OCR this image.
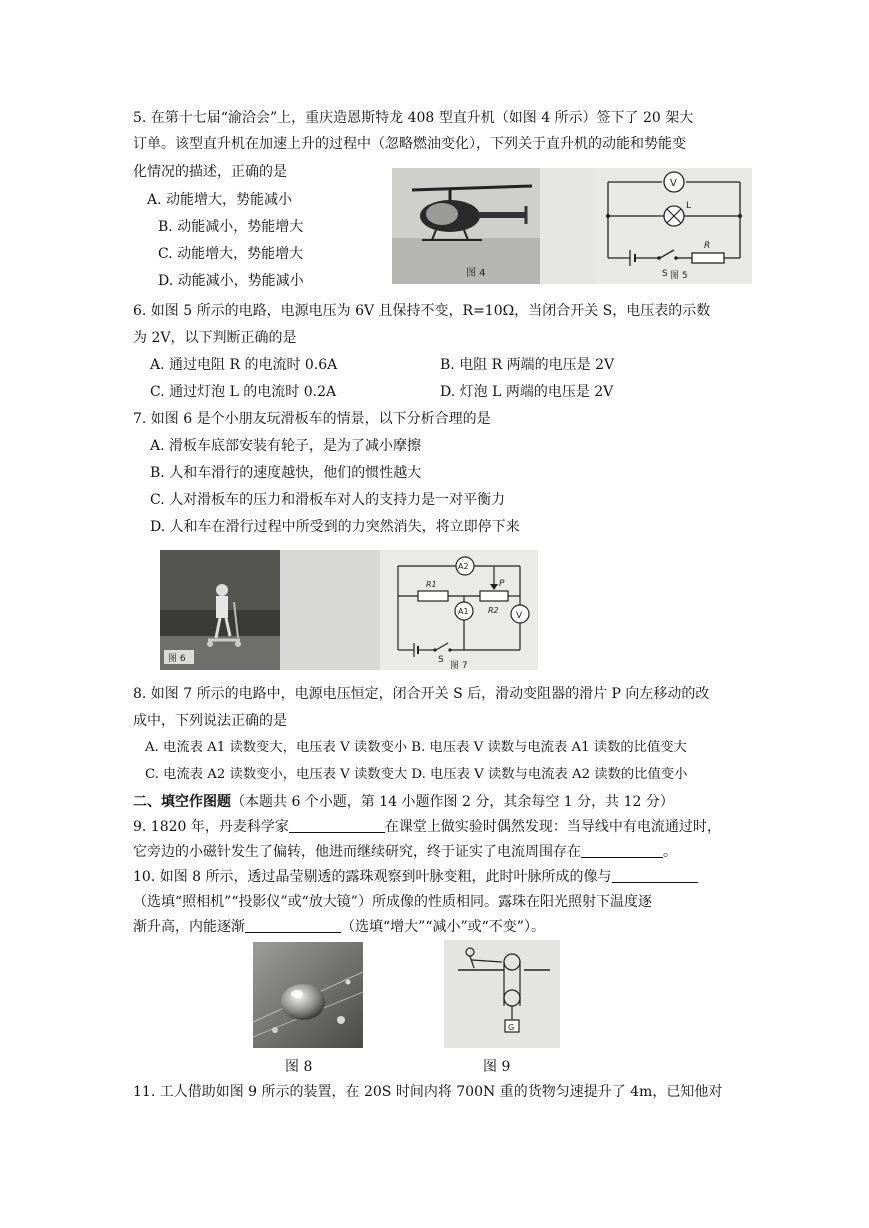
5. 在第十七届“渝洽会”上，重庆造恩斯特龙 408 型直升机（如图 4 所示）签下了 20 架大
订单。该型直升机在加速上升的过程中（忽略燃油变化），下列关于直升机的动能和势能变
化情况的描述，正确的是
A. 动能增大，势能减小
B. 动能减小，势能增大
C. 动能增大，势能增大
D. 动能减小，势能减小	图 4
V
L
S
R
图 5
6. 如图 5 所示的电路，电源电压为 6V 且保持不变，R=10Ω，当闭合开关 S，电压表的示数
为 2V，以下判断正确的是
A. 通过电阻 R 的电流时 0.6A	B. 电阻 R 两端的电压是 2V
C. 通过灯泡 L 的电流时 0.2A	D. 灯泡 L 两端的电压是 2V
7. 如图 6 是个小朋友玩滑板车的情景，以下分析合理的是
A. 滑板车底部安装有轮子，是为了减小摩擦
B. 人和车滑行的速度越快，他们的惯性越大
C. 人对滑板车的压力和滑板车对人的支持力是一对平衡力
D. 人和车在滑行过程中所受到的力突然消失，将立即停下来
图 6
A2
R1
R2
P
A1	V
S
图 7
8. 如图 7 所示的电路中，电源电压恒定，闭合开关 S 后，滑动变阻器的滑片 P 向左移动的改
成中，下列说法正确的是
A. 电流表 A1 读数变大，电压表 V 读数变小 B. 电压表 V 读数与电流表 A1 读数的比值变大
C. 电流表 A2 读数变小，电压表 V 读数变大 D. 电压表 V 读数与电流表 A2 读数的比值变小
二、填空作图题（本题共 6 个小题，第 14 小题作图 2 分，其余每空 1 分，共 12 分）
9. 1820 年，丹麦科学家	在课堂上做实验时偶然发现：当导线中有电流通过时，
它旁边的小磁针发生了偏转，他进而继续研究，终于证实了电流周围存在	。
10. 如图 8 所示，透过晶莹剔透的露珠观察到叶脉变粗，此时叶脉所成的像与
（选填“照相机”“投影仪”或“放大镜”）所成像的性质相同。露珠在阳光照射下温度逐
渐升高，内能逐渐	（选填“增大”“减小”或“不变”）。
G
图 8	图 9
11. 工人借助如图 9 所示的装置，在 20S 时间内将 700N 重的货物匀速提升了 4m，已知他对
